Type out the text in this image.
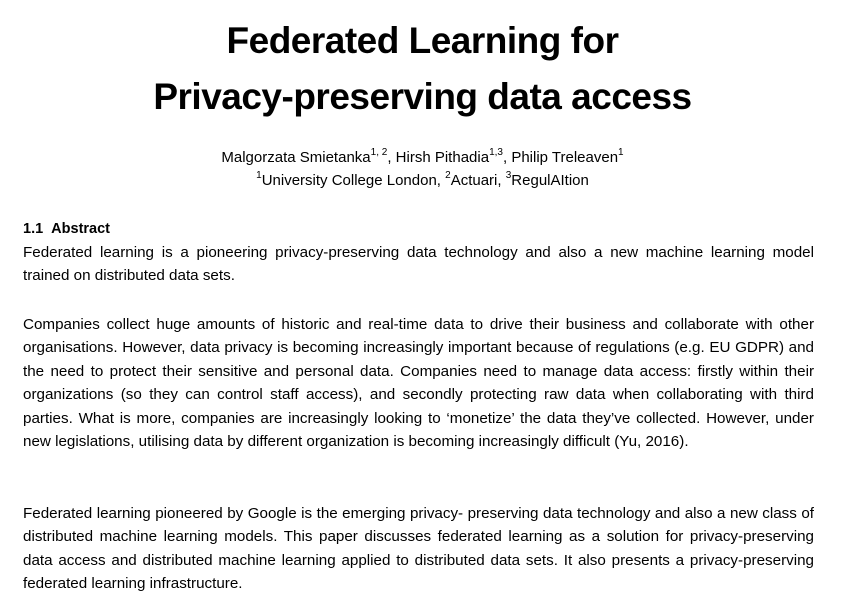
Federated Learning for
Privacy-preserving data access
Malgorzata Smietanka$^{1, 2}$, Hirsh Pithadia$^{1,3}$, Philip Treleaven$^1$
$^1$University College London, $^2$Actuari, $^3$RegulAItion
1.1 Abstract

Federated learning is a pioneering privacy-preserving data technology and also a new machine learning model trained on distributed data sets.

Companies collect huge amounts of historic and real-time data to drive their business and collaborate with other organisations. However, data privacy is becoming increasingly important because of regulations (e.g. EU GDPR) and the need to protect their sensitive and personal data. Companies need to manage data access: firstly within their organizations (so they can control staff access), and secondly protecting raw data when collaborating with third parties. What is more, companies are increasingly looking to ‘monetize’ the data they’ve collected. However, under new legislations, utilising data by different organization is becoming increasingly difficult (Yu, 2016).

Federated learning pioneered by Google is the emerging privacy- preserving data technology and also a new class of distributed machine learning models. This paper discusses federated learning as a solution for privacy-preserving data access and distributed machine learning applied to distributed data sets. It also presents a privacy-preserving federated learning infrastructure.
